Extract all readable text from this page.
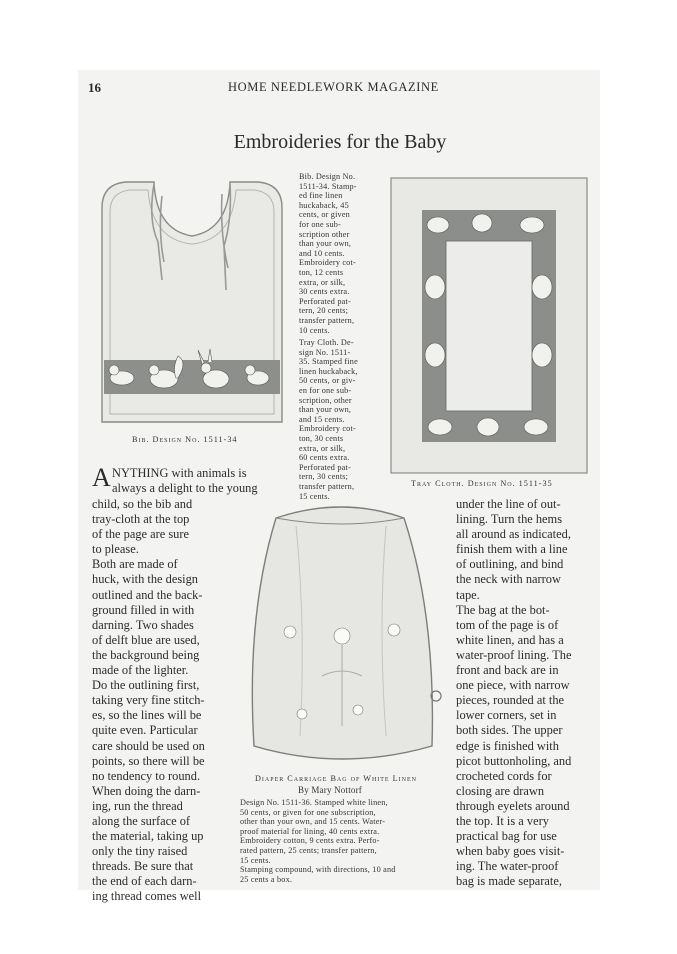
16	HOME NEEDLEWORK MAGAZINE
Embroideries for the Baby
Bib. Design No. 1511-34
Bib. Design No.
1511-34. Stamp-
ed fine linen
huckaback, 45
cents, or given
for one sub-
scription other
than your own,
and 10 cents.
Embroidery cot-
ton, 12 cents
extra, or silk,
30 cents extra.
Perforated pat-
tern, 20 cents;
transfer pattern,
10 cents.
Tray Cloth. De-
sign No. 1511-
35. Stamped fine
linen huckaback,
50 cents, or giv-
en for one sub-
scription, other
than your own,
and 15 cents.
Embroidery cot-
ton, 30 cents
extra, or silk,
60 cents extra.
Perforated pat-
tern, 30 cents;
transfer pattern,
15 cents.
Tray Cloth. Design No. 1511-35
A NYTHING with animals is
always a delight to the young
child, so the bib and
tray-cloth at the top
of the page are sure
to please.
Both are made of
huck, with the design
outlined and the back-
ground filled in with
darning. Two shades
of delft blue are used,
the background being
made of the lighter.
Do the outlining first,
taking very fine stitch-
es, so the lines will be
quite even. Particular
care should be used on
points, so there will be
no tendency to round.
When doing the darn-
ing, run the thread
along the surface of
the material, taking up
only the tiny raised
threads. Be sure that
the end of each darn-
ing thread comes well
Diaper Carriage Bag of White Linen
By Mary Nottorf
Design No. 1511-36. Stamped white linen,
50 cents, or given for one subscription,
other than your own, and 15 cents. Water-
proof material for lining, 40 cents extra.
Embroidery cotton, 9 cents extra. Perfo-
rated pattern, 25 cents; transfer pattern,
15 cents.
Stamping compound, with directions, 10 and
25 cents a box.
under the line of out-
lining. Turn the hems
all around as indicated,
finish them with a line
of outlining, and bind
the neck with narrow
tape.
The bag at the bot-
tom of the page is of
white linen, and has a
water-proof lining. The
front and back are in
one piece, with narrow
pieces, rounded at the
lower corners, set in
both sides. The upper
edge is finished with
picot buttonholing, and
crocheted cords for
closing are drawn
through eyelets around
the top. It is a very
practical bag for use
when baby goes visit-
ing. The water-proof
bag is made separate,
